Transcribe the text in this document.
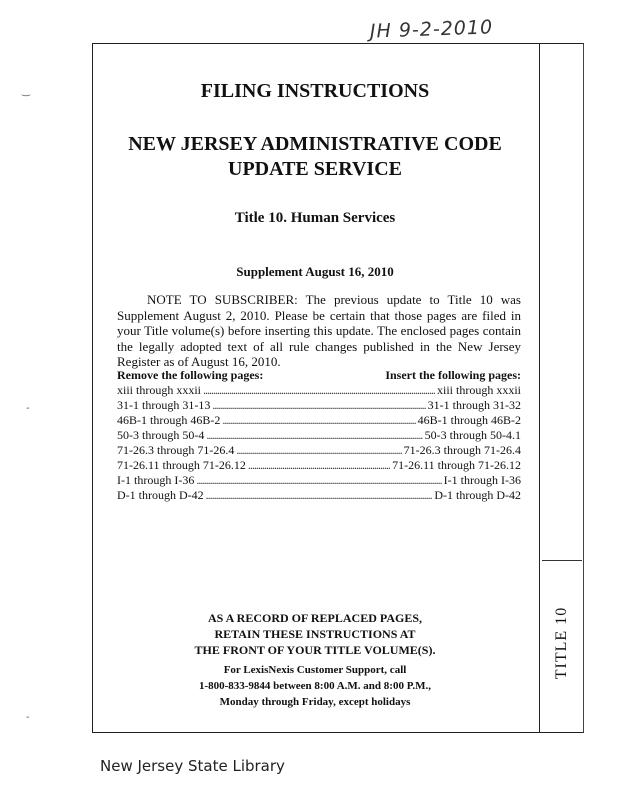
JH 9-2-2010
TITLE 10
‿
-
-
FILING INSTRUCTIONS
NEW JERSEY ADMINISTRATIVE CODE
UPDATE SERVICE
Title 10. Human Services
Supplement August 16, 2010

NOTE TO SUBSCRIBER: The previous update to Title 10 was Supplement August 2, 2010. Please be certain that those pages are filed in your Title volume(s) before inserting this update. The enclosed pages contain the legally adopted text of all rule changes published in the New Jersey Register as of August 16, 2010.

Remove the following pages:	Insert the following pages:
xiii through xxxii . . .	xiii through xxxii
31-1 through 31-13 . . .	31-1 through 31-32
46B-1 through 46B-2 . . .	46B-1 through 46B-2
50-3 through 50-4 . . .	50-3 through 50-4.1
71-26.3 through 71-26.4 . . .	71-26.3 through 71-26.4
71-26.11 through 71-26.12 . . .	71-26.11 through 71-26.12
I-1 through I-36 . . .	I-1 through I-36
D-1 through D-42 . . .	D-1 through D-42
AS A RECORD OF REPLACED PAGES,
RETAIN THESE INSTRUCTIONS AT
THE FRONT OF YOUR TITLE VOLUME(S).
For LexisNexis Customer Support, call
1-800-833-9844 between 8:00 A.M. and 8:00 P.M.,
Monday through Friday, except holidays
New Jersey State Library
